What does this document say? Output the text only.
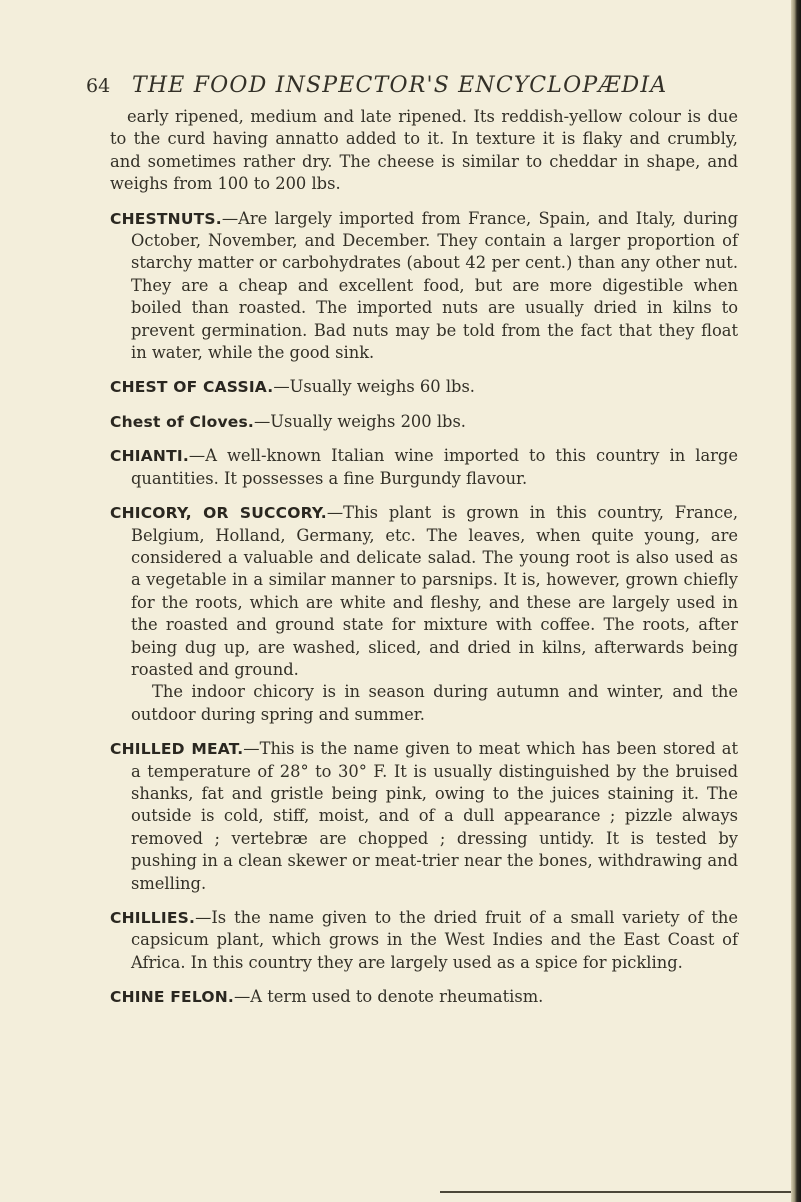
64 THE FOOD INSPECTOR'S ENCYCLOPÆDIA

early ripened, medium and late ripened. Its reddish-yellow colour is due to the curd having annatto added to it. In texture it is flaky and crumbly, and sometimes rather dry. The cheese is similar to cheddar in shape, and weighs from 100 to 200 lbs.

CHESTNUTS.—Are largely imported from France, Spain, and Italy, during October, November, and December. They contain a larger proportion of starchy matter or carbohydrates (about 42 per cent.) than any other nut. They are a cheap and excellent food, but are more digestible when boiled than roasted. The imported nuts are usually dried in kilns to prevent germination. Bad nuts may be told from the fact that they float in water, while the good sink.

CHEST OF CASSIA.—Usually weighs 60 lbs.

Chest of Cloves.—Usually weighs 200 lbs.

CHIANTI.—A well-known Italian wine imported to this country in large quantities. It possesses a fine Burgundy flavour.

CHICORY, OR SUCCORY.—This plant is grown in this country, France, Belgium, Holland, Germany, etc. The leaves, when quite young, are considered a valuable and delicate salad. The young root is also used as a vegetable in a similar manner to parsnips. It is, however, grown chiefly for the roots, which are white and fleshy, and these are largely used in the roasted and ground state for mixture with coffee. The roots, after being dug up, are washed, sliced, and dried in kilns, afterwards being roasted and ground.

The indoor chicory is in season during autumn and winter, and the outdoor during spring and summer.

CHILLED MEAT.—This is the name given to meat which has been stored at a temperature of 28° to 30° F. It is usually distinguished by the bruised shanks, fat and gristle being pink, owing to the juices staining it. The outside is cold, stiff, moist, and of a dull appearance ; pizzle always removed ; vertebræ are chopped ; dressing untidy. It is tested by pushing in a clean skewer or meat-trier near the bones, withdrawing and smelling.

CHILLIES.—Is the name given to the dried fruit of a small variety of the capsicum plant, which grows in the West Indies and the East Coast of Africa. In this country they are largely used as a spice for pickling.

CHINE FELON.—A term used to denote rheumatism.
